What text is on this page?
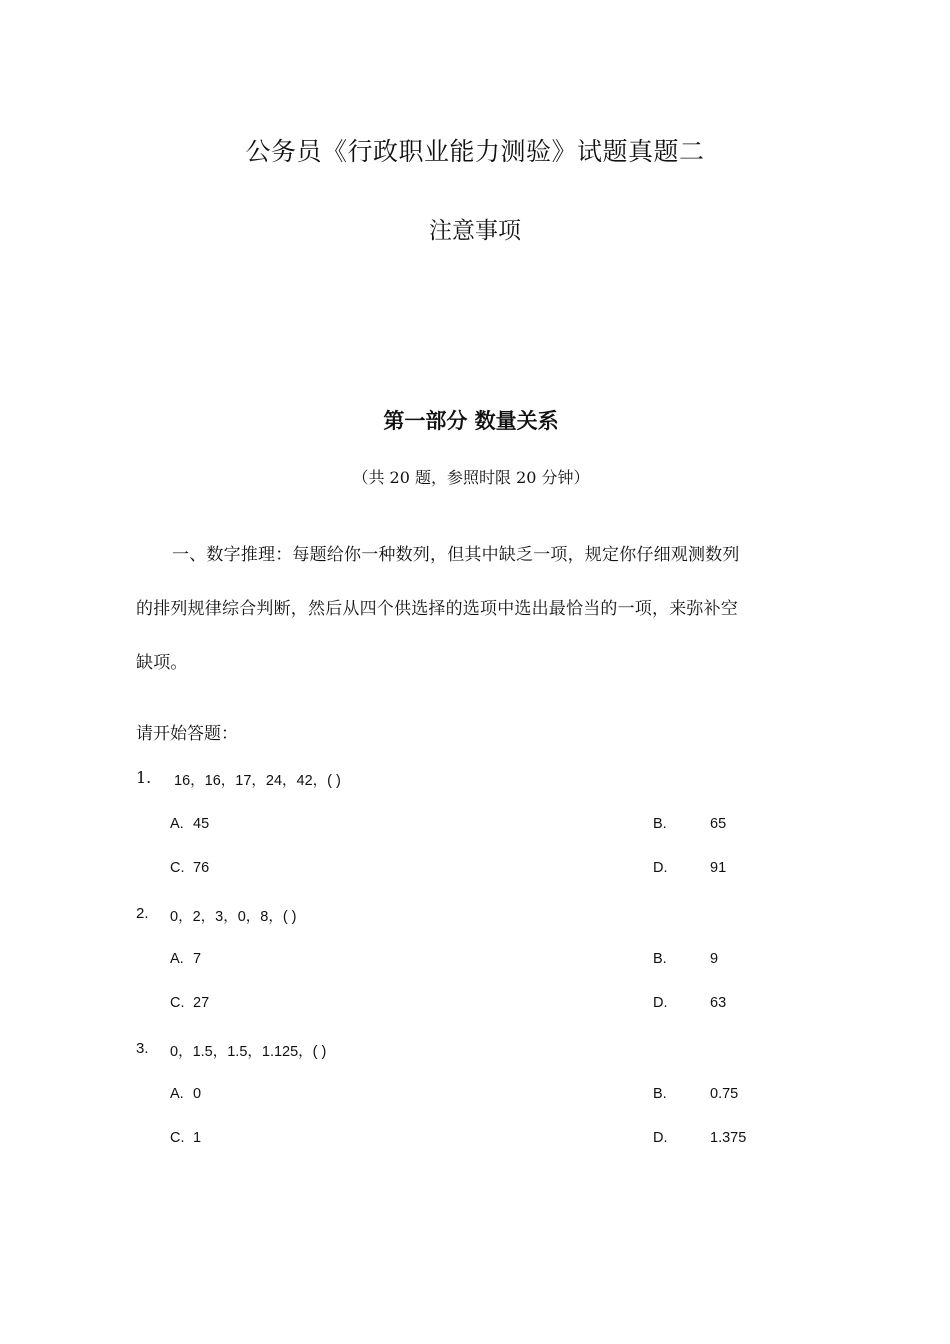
公务员《行政职业能力测验》试题真题二
注意事项
第一部分 数量关系
（共 20 题，参照时限 20 分钟）
一、数字推理：每题给你一种数列，但其中缺乏一项，规定你仔细观测数列
的排列规律综合判断，然后从四个供选择的选项中选出最恰当的一项，来弥补空
缺项。
请开始答题：
1. 16，16，17，24，42，( )
A. 45	B.	65
C. 76	D.	91
2. 0，2，3，0，8，( )
A. 7	B.	9
C. 27	D.	63
3. 0，1.5，1.5，1.125，( )
A. 0	B.	0.75
C. 1	D.	1.375
